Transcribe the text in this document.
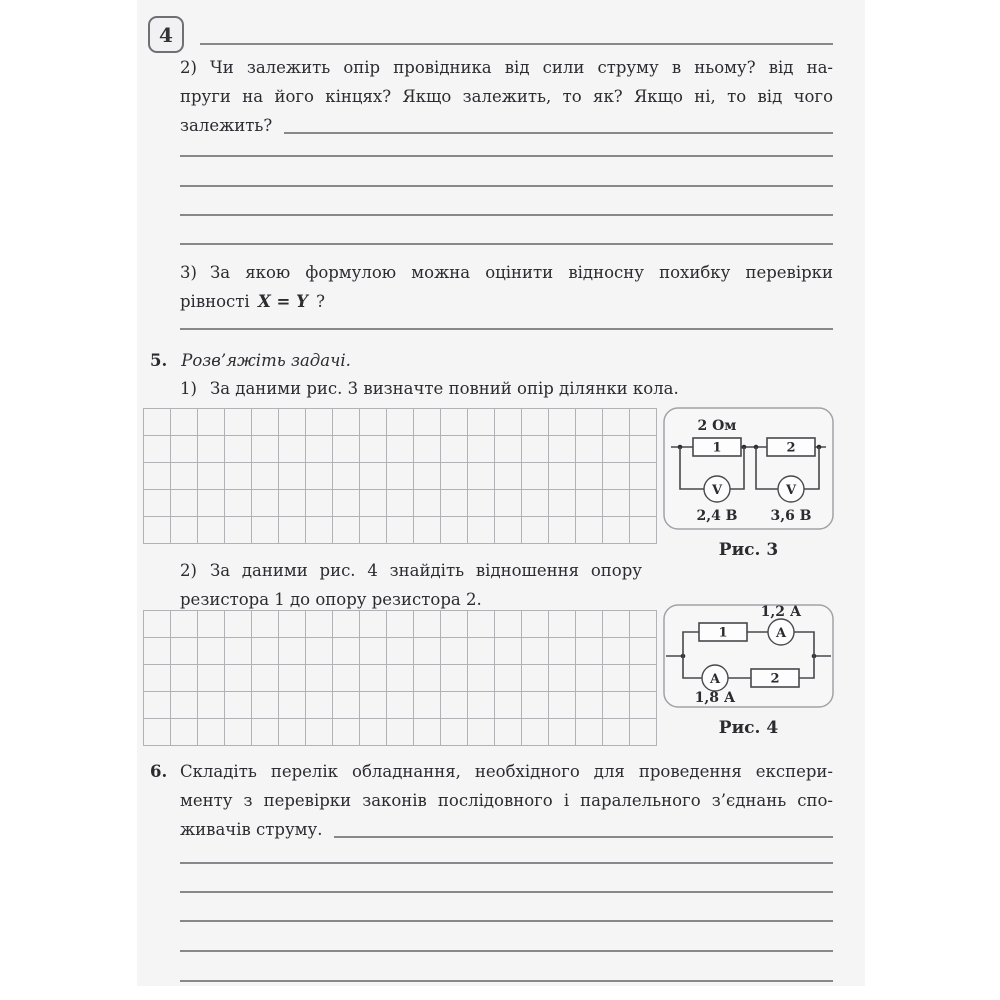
4
2) Чи залежить опір провідника від сили струму в ньому? від на-
пруги на його кінцях? Якщо залежить, то як? Якщо ні, то від чого
залежить?
3) За якою формулою можна оцінити відносну похибку перевірки
рівності X = Y ?
5. Розв’яжіть задачі.
1) За даними рис. 3 визначте повний опір ділянки кола.
2 Ом
1	2
V	V
2,4 В 3,6 В
Рис. 3
2) За даними рис. 4 знайдіть відношення опору
резистора 1 до опору резистора 2.
1	A
A	2
1,2 А
1,8 А
Рис. 4
6. Складіть перелік обладнання, необхідного для проведення експери-
менту з перевірки законів послідовного і паралельного з’єднань спо-
живачів струму.
